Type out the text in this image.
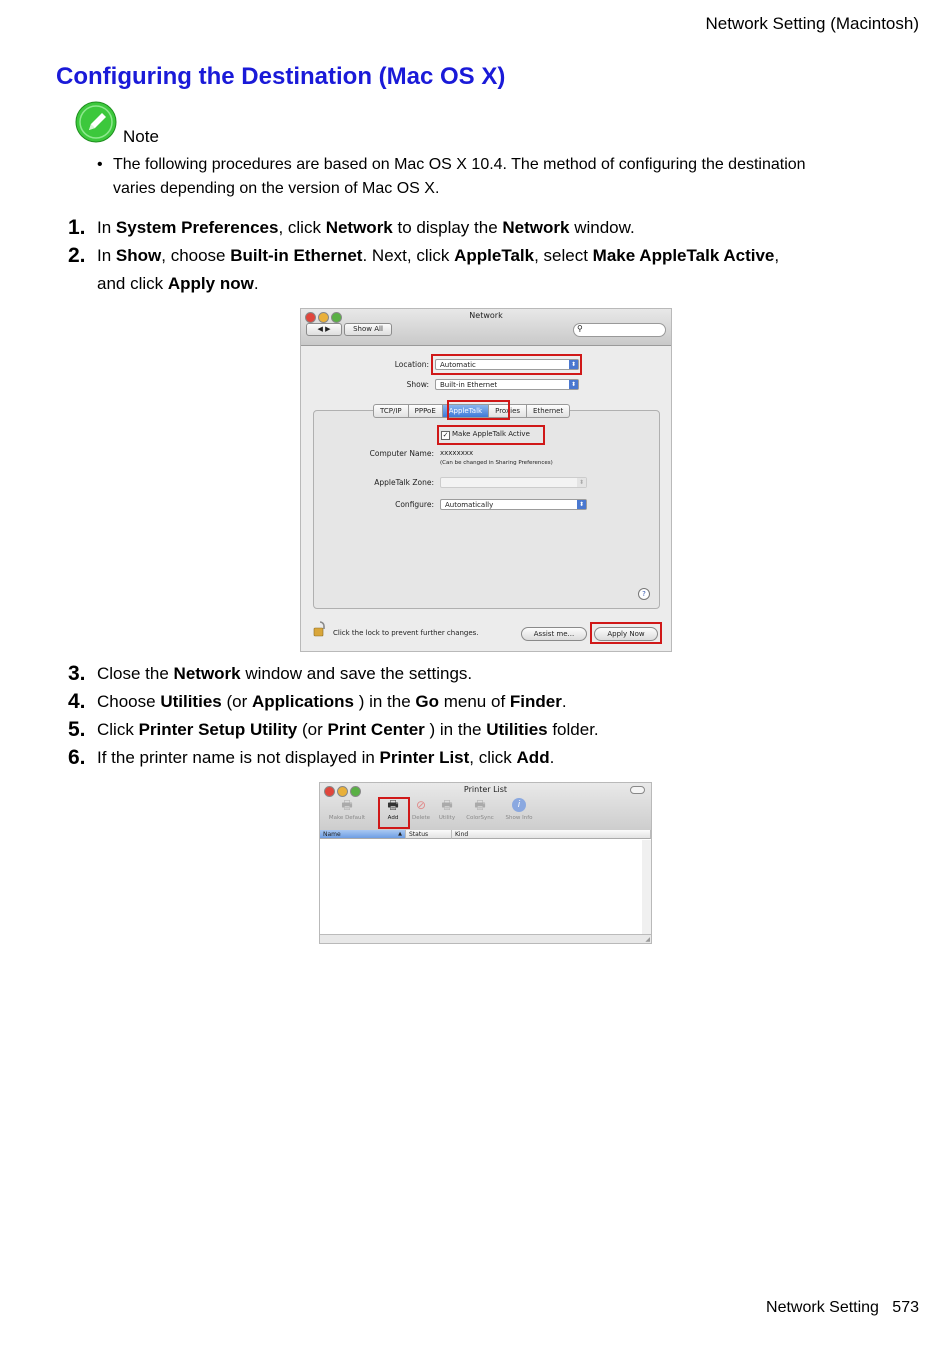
Network Setting (Macintosh)
Configuring the Destination (Mac OS X)
Note
• The following procedures are based on Mac OS X 10.4. The method of configuring the destination
varies depending on the version of Mac OS X.
1. In System Preferences, click Network to display the Network window.
2. In Show, choose Built-in Ethernet. Next, click AppleTalk, select Make AppleTalk Active,
and click Apply now.
Network
◀ ▶	Show All	⚲
Location:	Automatic	⬍
Show:	Built-in Ethernet	⬍
TCP/IP	PPPoE	AppleTalk	Proxies	Ethernet
✓ Make AppleTalk Active
Computer Name: xxxxxxxx
(Can be changed in Sharing Preferences)
AppleTalk Zone:	⬍
Configure:	Automatically	⬍
?
Click the lock to prevent further changes.	Assist me...	Apply Now
3. Close the Network window and save the settings.
4. Choose Utilities (or Applications ) in the Go menu of Finder.
5. Click Printer Setup Utility (or Print Center ) in the Utilities folder.
6. If the printer name is not displayed in Printer List, click Add.
Printer List
🖶
Make Default
🖶
Add
⊘
Delete
🖶
Utility
🖶
ColorSync
i
Show Info
Name	▲	Status	Kind
◢
Network Setting 573
